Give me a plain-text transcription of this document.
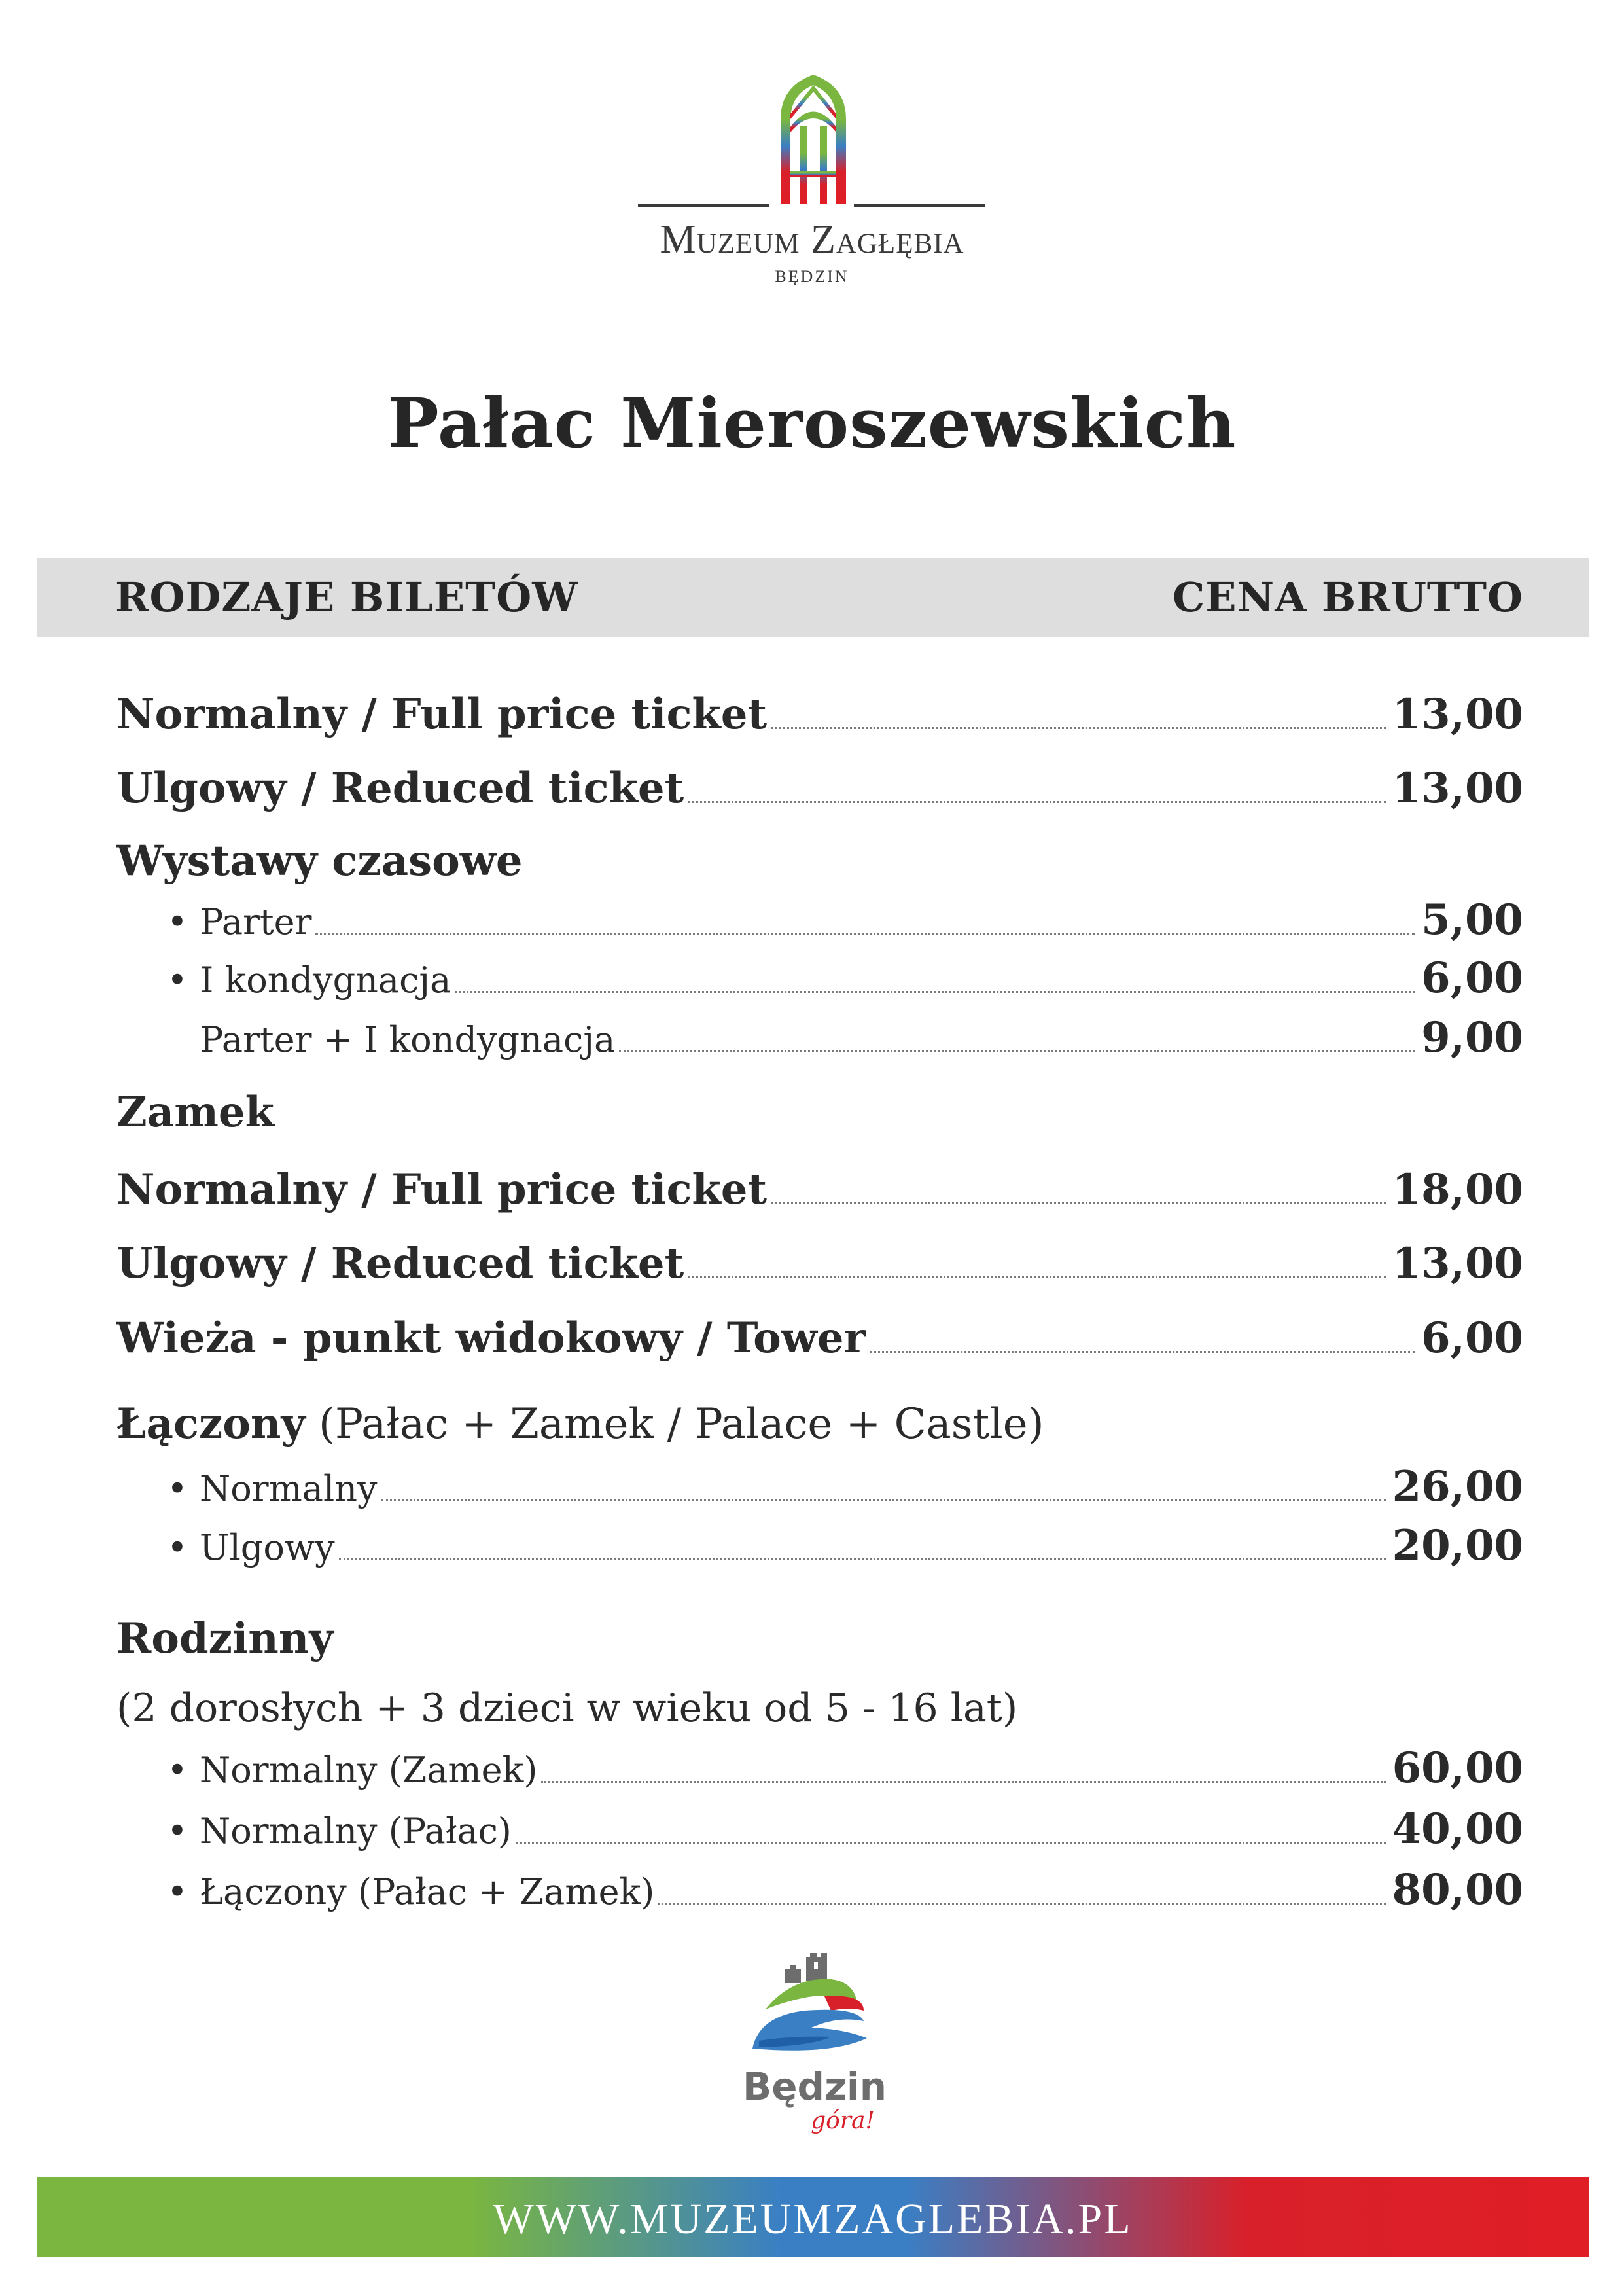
Muzeum Zagłębia
BĘDZIN
Pałac Mieroszewskich
RODZAJE BILETÓW	CENA BRUTTO
Normalny / Full price ticket	13,00
Ulgowy / Reduced ticket	13,00
Wystawy czasowe
• Parter	5,00
• I kondygnacja	6,00
Parter + I kondygnacja	9,00
Zamek
Normalny / Full price ticket	18,00
Ulgowy / Reduced ticket	13,00
Wieża - punkt widokowy / Tower	6,00
Łączony (Pałac + Zamek / Palace + Castle)
• Normalny	26,00
• Ulgowy	20,00
Rodzinny
(2 dorosłych + 3 dzieci w wieku od 5 - 16 lat)
• Normalny (Zamek)	60,00
• Normalny (Pałac)	40,00
• Łączony (Pałac + Zamek)	80,00
Będzin
góra!
WWW.MUZEUMZAGLEBIA.PL
